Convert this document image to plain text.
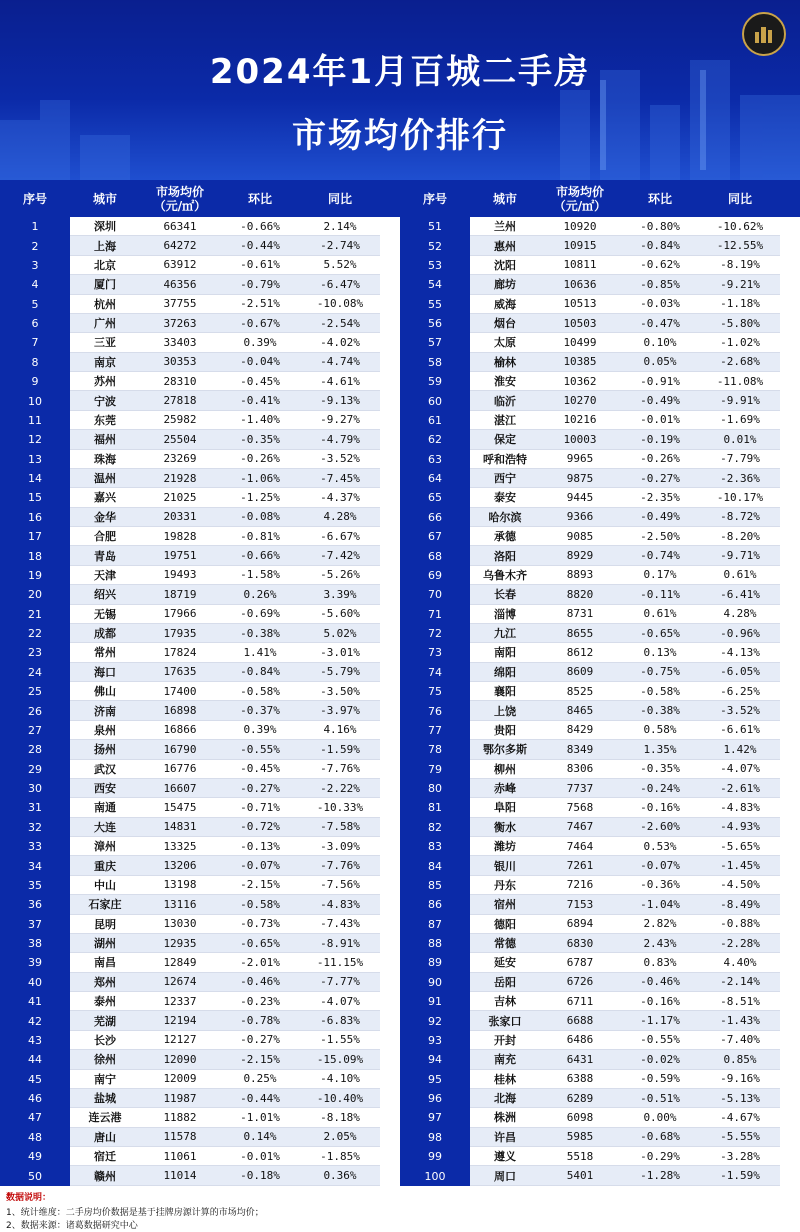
2024年1月百城二手房
市场均价排行
序号	城市	市场均价
（元/㎡）	环比	同比
1	深圳	66341	-0.66%	2.14%
2	上海	64272	-0.44%	-2.74%
3	北京	63912	-0.61%	5.52%
4	厦门	46356	-0.79%	-6.47%
5	杭州	37755	-2.51%	-10.08%
6	广州	37263	-0.67%	-2.54%
7	三亚	33403	0.39%	-4.02%
8	南京	30353	-0.04%	-4.74%
9	苏州	28310	-0.45%	-4.61%
10	宁波	27818	-0.41%	-9.13%
11	东莞	25982	-1.40%	-9.27%
12	福州	25504	-0.35%	-4.79%
13	珠海	23269	-0.26%	-3.52%
14	温州	21928	-1.06%	-7.45%
15	嘉兴	21025	-1.25%	-4.37%
16	金华	20331	-0.08%	4.28%
17	合肥	19828	-0.81%	-6.67%
18	青岛	19751	-0.66%	-7.42%
19	天津	19493	-1.58%	-5.26%
20	绍兴	18719	0.26%	3.39%
21	无锡	17966	-0.69%	-5.60%
22	成都	17935	-0.38%	5.02%
23	常州	17824	1.41%	-3.01%
24	海口	17635	-0.84%	-5.79%
25	佛山	17400	-0.58%	-3.50%
26	济南	16898	-0.37%	-3.97%
27	泉州	16866	0.39%	4.16%
28	扬州	16790	-0.55%	-1.59%
29	武汉	16776	-0.45%	-7.76%
30	西安	16607	-0.27%	-2.22%
31	南通	15475	-0.71%	-10.33%
32	大连	14831	-0.72%	-7.58%
33	漳州	13325	-0.13%	-3.09%
34	重庆	13206	-0.07%	-7.76%
35	中山	13198	-2.15%	-7.56%
36	石家庄	13116	-0.58%	-4.83%
37	昆明	13030	-0.73%	-7.43%
38	湖州	12935	-0.65%	-8.91%
39	南昌	12849	-2.01%	-11.15%
40	郑州	12674	-0.46%	-7.77%
41	泰州	12337	-0.23%	-4.07%
42	芜湖	12194	-0.78%	-6.83%
43	长沙	12127	-0.27%	-1.55%
44	徐州	12090	-2.15%	-15.09%
45	南宁	12009	0.25%	-4.10%
46	盐城	11987	-0.44%	-10.40%
47	连云港	11882	-1.01%	-8.18%
48	唐山	11578	0.14%	2.05%
49	宿迁	11061	-0.01%	-1.85%
50	赣州	11014	-0.18%	0.36%
序号	城市	市场均价
（元/㎡）	环比	同比
51	兰州	10920	-0.80%	-10.62%
52	惠州	10915	-0.84%	-12.55%
53	沈阳	10811	-0.62%	-8.19%
54	廊坊	10636	-0.85%	-9.21%
55	威海	10513	-0.03%	-1.18%
56	烟台	10503	-0.47%	-5.80%
57	太原	10499	0.10%	-1.02%
58	榆林	10385	0.05%	-2.68%
59	淮安	10362	-0.91%	-11.08%
60	临沂	10270	-0.49%	-9.91%
61	湛江	10216	-0.01%	-1.69%
62	保定	10003	-0.19%	0.01%
63	呼和浩特	9965	-0.26%	-7.79%
64	西宁	9875	-0.27%	-2.36%
65	泰安	9445	-2.35%	-10.17%
66	哈尔滨	9366	-0.49%	-8.72%
67	承德	9085	-2.50%	-8.20%
68	洛阳	8929	-0.74%	-9.71%
69	乌鲁木齐	8893	0.17%	0.61%
70	长春	8820	-0.11%	-6.41%
71	淄博	8731	0.61%	4.28%
72	九江	8655	-0.65%	-0.96%
73	南阳	8612	0.13%	-4.13%
74	绵阳	8609	-0.75%	-6.05%
75	襄阳	8525	-0.58%	-6.25%
76	上饶	8465	-0.38%	-3.52%
77	贵阳	8429	0.58%	-6.61%
78	鄂尔多斯	8349	1.35%	1.42%
79	柳州	8306	-0.35%	-4.07%
80	赤峰	7737	-0.24%	-2.61%
81	阜阳	7568	-0.16%	-4.83%
82	衡水	7467	-2.60%	-4.93%
83	潍坊	7464	0.53%	-5.65%
84	银川	7261	-0.07%	-1.45%
85	丹东	7216	-0.36%	-4.50%
86	宿州	7153	-1.04%	-8.49%
87	德阳	6894	2.82%	-0.88%
88	常德	6830	2.43%	-2.28%
89	延安	6787	0.83%	4.40%
90	岳阳	6726	-0.46%	-2.14%
91	吉林	6711	-0.16%	-8.51%
92	张家口	6688	-1.17%	-1.43%
93	开封	6486	-0.55%	-7.40%
94	南充	6431	-0.02%	0.85%
95	桂林	6388	-0.59%	-9.16%
96	北海	6289	-0.51%	-5.13%
97	株洲	6098	0.00%	-4.67%
98	许昌	5985	-0.68%	-5.55%
99	遵义	5518	-0.29%	-3.28%
100	周口	5401	-1.28%	-1.59%
数据说明：
1、统计维度：二手房均价数据是基于挂牌房源计算的市场均价；
2、数据来源：诸葛数据研究中心
